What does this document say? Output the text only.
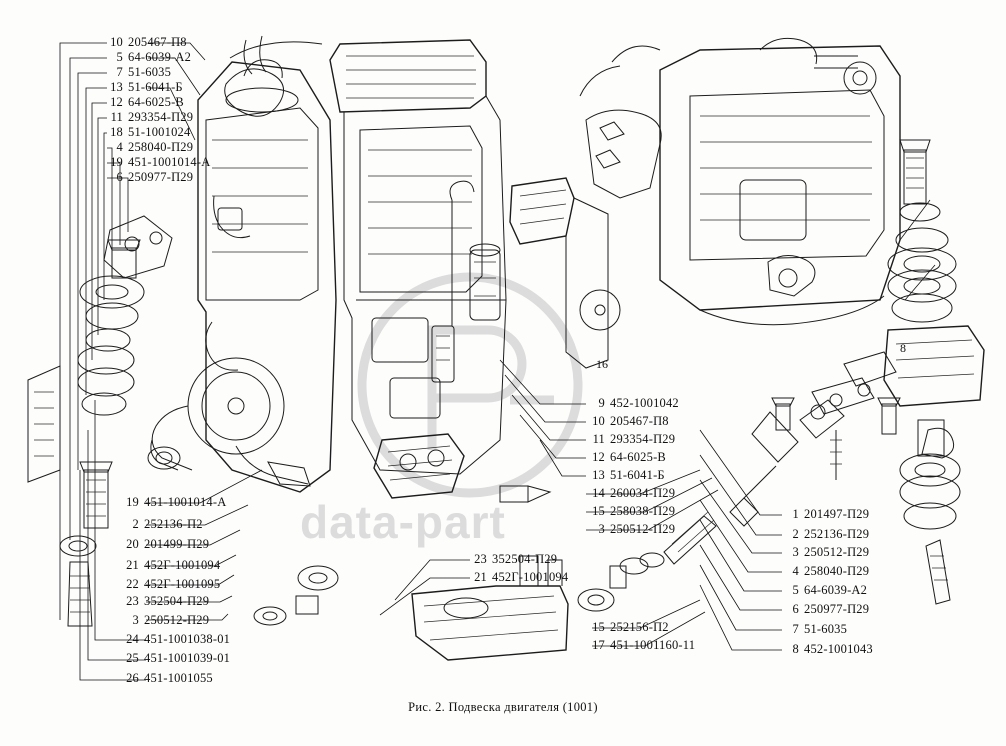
16
8
data-part
10 205467-П8
5 64-6039-А2
7 51-6035
13 51-6041-Б
12 64-6025-В
11 293354-П29
18 51-1001024
4 258040-П29
19 451-1001014-А
6 250977-П29
19 451-1001014-А
2 252136-П2
20 201499-П29
21 452Г-1001094
22 452Г-1001095
23 352504-П29
3 250512-П29
24 451-1001038-01
25 451-1001039-01
26 451-1001055
9 452-1001042
10 205467-П8
11 293354-П29
12 64-6025-В
13 51-6041-Б
14 260034-П29
15 258038-П29
3 250512-П29
23 352504-П29
21 452Г-1001094
15 252156-П2
17 451-1001160-11
1 201497-П29
2 252136-П29
3 250512-П29
4 258040-П29
5 64-6039-А2
6 250977-П29
7 51-6035
8 452-1001043
Рис. 2. Подвеска двигателя (1001)
